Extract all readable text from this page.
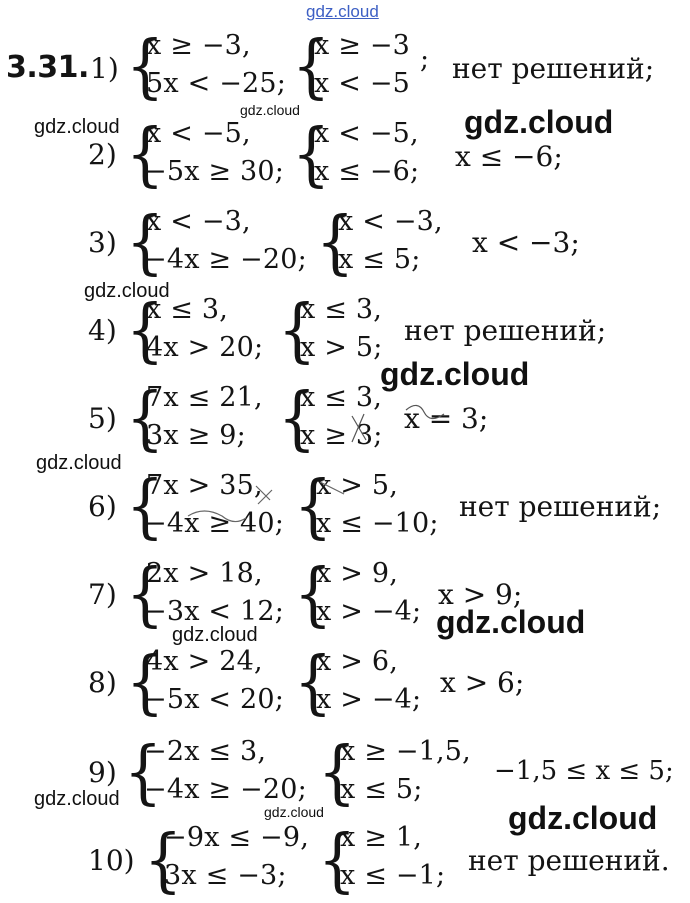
3.31. 1) {
x ≥ −3,
5x < −25; {
x ≥ −3
x < −5
; нет решений;
2) {
x < −5,
−5x ≥ 30; {
x < −5,
x ≤ −6; x ≤ −6;
3) {
x < −3,
−4x ≥ −20; {
x < −3,
x ≤ 5;
x < −3;
4) {
x ≤ 3,
4x > 20; {
x ≤ 3,
x > 5;
нет решений;
5) {
7x ≤ 21,
3x ≥ 9; {
x ≤ 3,
x ≥ 3;
x = 3;
6) {
7x > 35,
−4x ≥ 40; {
x > 5,
x ≤ −10;
нет решений;
7) {
2x > 18,
−3x < 12; {
x > 9,
x > −4;
x > 9;
8) {
4x > 24,
−5x < 20; {
x > 6,
x > −4;
x > 6;
9) {
−2x ≤ 3,
−4x ≥ −20; {
x ≥ −1,5,
x ≤ 5;
−1,5 ≤ x ≤ 5;
10) {
−9x ≤ −9,
3x ≤ −3; {
x ≥ 1,
x ≤ −1; нет решений.
gdz.cloud
gdz.cloud
gdz.cloud	gdz.cloud
gdz.cloud
gdz.cloud
gdz.cloud
gdz.cloud
gdz.cloud
gdz.cloud
gdz.cloud	gdz.cloud
